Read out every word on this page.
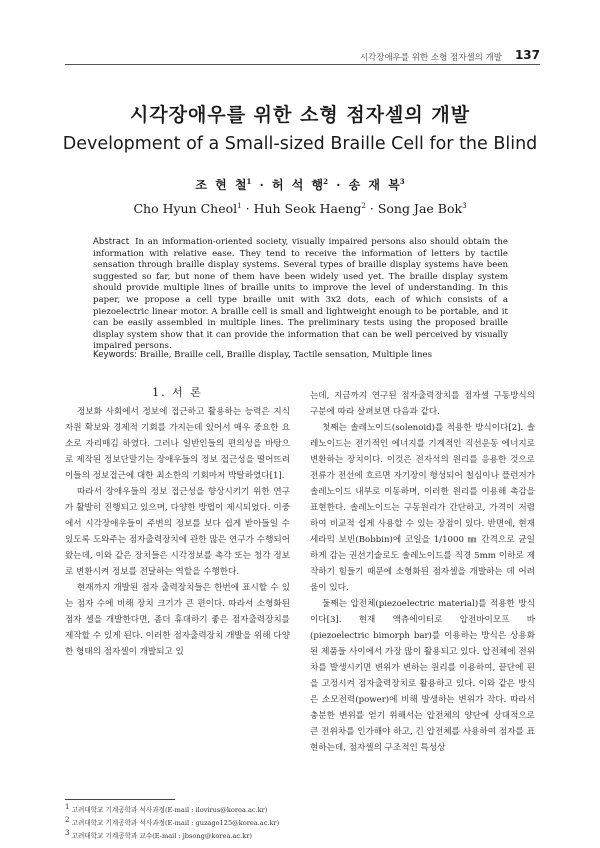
시각장애우를 위한 소형 점자셀의 개발 137
시각장애우를 위한 소형 점자셀의 개발
Development of a Small-sized Braille Cell for the Blind
조 현 철$^1$ · 허 석 행$^2$ · 송 재 복$^3$
Cho Hyun Cheol$^1$ · Huh Seok Haeng$^2$ · Song Jae Bok$^3$
Abstract In an information-oriented society, visually impaired persons also should obtain the information with relative ease. They tend to receive the information of letters by tactile sensation through braille display systems. Several types of braille display systems have been suggested so far, but none of them have been widely used yet. The braille display system should provide multiple lines of braille units to improve the level of understanding. In this paper, we propose a cell type braille unit with 3x2 dots, each of which consists of a piezoelectric linear motor. A braille cell is small and lightweight enough to be portable, and it can be easily assembled in multiple lines. The preliminary tests using the proposed braille display system show that it can provide the information that can be well perceived by visually impaired persons.
Keywords: Braille, Braille cell, Braille display, Tactile sensation, Multiple lines
1. 서 론

정보화 사회에서 정보에 접근하고 활용하는 능력은 지식자원 확보와 경제적 기회를 가지는데 있어서 매우 중요한 요소로 자리매김 하였다. 그러나 일반인들의 편의성을 바탕으로 제작된 정보단말기는 장애우들의 정보 접근성을 떨어뜨려 이들의 정보접근에 대한 최소한의 기회마저 박탈하였다[1].

따라서 장애우들의 정보 접근성을 향상시키기 위한 연구가 활발히 진행되고 있으며, 다양한 방법이 제시되었다. 이중에서 시각장애우들이 주변의 정보를 보다 쉽게 받아들일 수 있도록 도와주는 점자출력장치에 관한 많은 연구가 수행되어 왔는데, 이와 같은 장치들은 시각정보를 촉각 또는 청각 정보로 변환시켜 정보를 전달하는 역할을 수행한다.

현재까지 개발된 점자 출력장치들은 한번에 표시할 수 있는 점자 수에 비해 장치 크기가 큰 편이다. 따라서 소형화된 점자 셀을 개발한다면, 좀더 휴대하기 좋은 점자출력장치를 제작할 수 있게 된다. 이러한 점자출력장치 개발을 위해 다양한 형태의 점자셀이 개발되고 있

는데, 지금까지 연구된 점자출력장치를 점자셀 구동방식의 구분에 따라 살펴보면 다음과 같다.

첫째는 솔레노이드(solenoid)를 적용한 방식이다[2]. 솔레노이드는 전기적인 에너지를 기계적인 직선운동 에너지로 변환하는 장치이다. 이것은 전자석의 원리를 응용한 것으로 전류가 전선에 흐르면 자기장이 형성되어 철심이나 플런저가 솔레노이드 내부로 이동하며, 이러한 원리를 이용해 촉감을 표현한다. 솔레노이드는 구동원리가 간단하고, 가격이 저렴하여 비교적 쉽게 사용할 수 있는 장점이 있다. 반면에, 현재 세라믹 보빈(Bobbin)에 코일을 1/1000 ㎜ 간격으로 균일하게 감는 권선기술로도 솔레노이드를 직경 5mm 이하로 제작하기 힘들기 때문에 소형화된 점자셀을 개발하는 데 어려움이 있다.

둘째는 압전체(piezoelectric material)를 적용한 방식이다[3]. 현재 액츄에이터로 압전바이모프 바(piezoelectric bimorph bar)를 이용하는 방식은 상용화된 제품들 사이에서 가장 많이 활용되고 있다. 압전체에 전위차를 발생시키면 변위가 변하는 원리를 이용하여, 끝단에 핀을 고정시켜 점자출력장치로 활용하고 있다. 이와 같은 방식은 소모전력(power)에 비해 발생하는 변위가 작다. 따라서 충분한 변위를 얻기 위해서는 압전체의 양단에 상대적으로 큰 전위차를 인가해야 하고, 긴 압전체를 사용하여 점자를 표현하는데, 점자셀의 구조적인 특성상

$^1$ 고려대학교 기계공학과 석사과정(E-mail : ilovirus@korea.ac.kr)
$^2$ 고려대학교 기계공학과 석사과정(E-mail : guzago125@korea.ac.kr)
$^3$ 고려대학교 기계공학과 교수(E-mail : jbsong@korea.ac.kr)
